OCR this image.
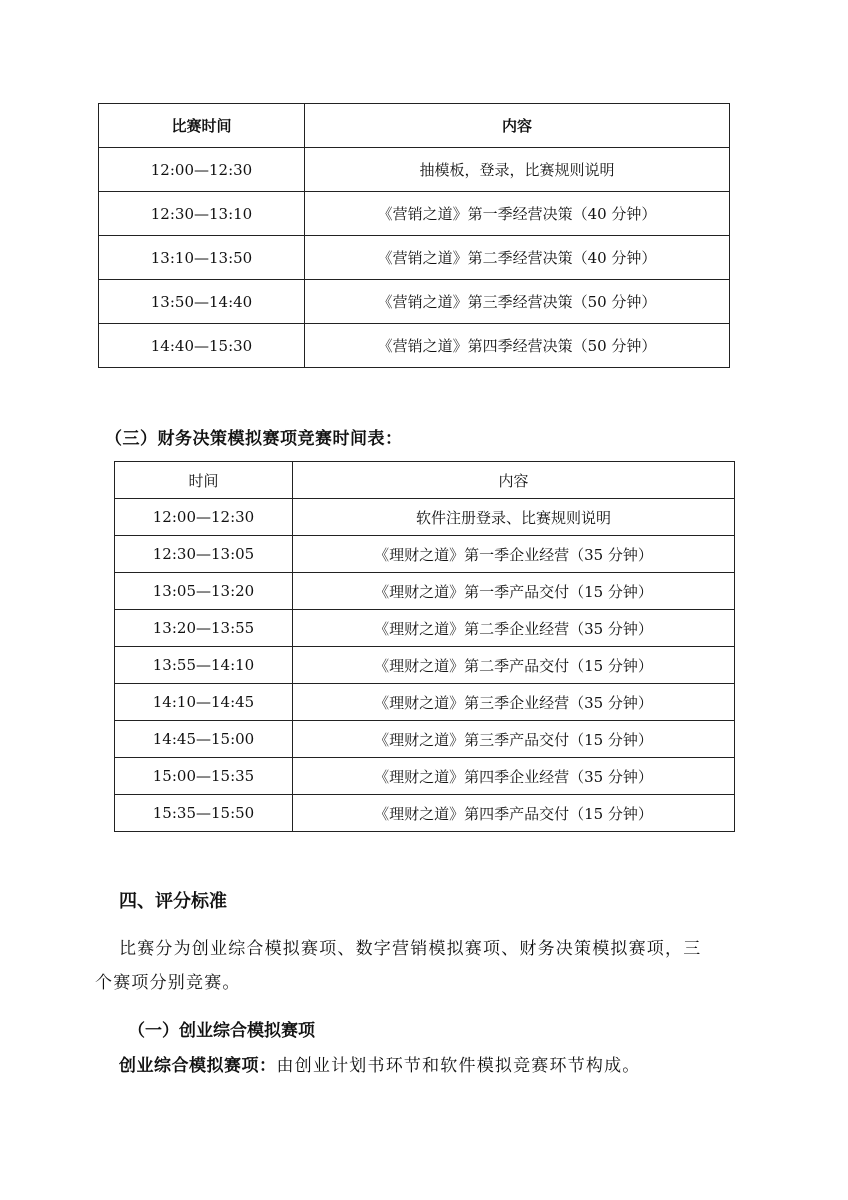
比赛时间	内容
12:00—12:30	抽模板，登录，比赛规则说明
12:30—13:10	《营销之道》第一季经营决策（40 分钟）
13:10—13:50	《营销之道》第二季经营决策（40 分钟）
13:50—14:40	《营销之道》第三季经营决策（50 分钟）
14:40—15:30	《营销之道》第四季经营决策（50 分钟）
（三）财务决策模拟赛项竞赛时间表：
时间	内容
12:00—12:30	软件注册登录、比赛规则说明
12:30—13:05	《理财之道》第一季企业经营（35 分钟）
13:05—13:20	《理财之道》第一季产品交付（15 分钟）
13:20—13:55	《理财之道》第二季企业经营（35 分钟）
13:55—14:10	《理财之道》第二季产品交付（15 分钟）
14:10—14:45	《理财之道》第三季企业经营（35 分钟）
14:45—15:00	《理财之道》第三季产品交付（15 分钟）
15:00—15:35	《理财之道》第四季企业经营（35 分钟）
15:35—15:50	《理财之道》第四季产品交付（15 分钟）
四、评分标准
比赛分为创业综合模拟赛项、数字营销模拟赛项、财务决策模拟赛项，三
个赛项分别竞赛。
（一）创业综合模拟赛项
创业综合模拟赛项：由创业计划书环节和软件模拟竞赛环节构成。
